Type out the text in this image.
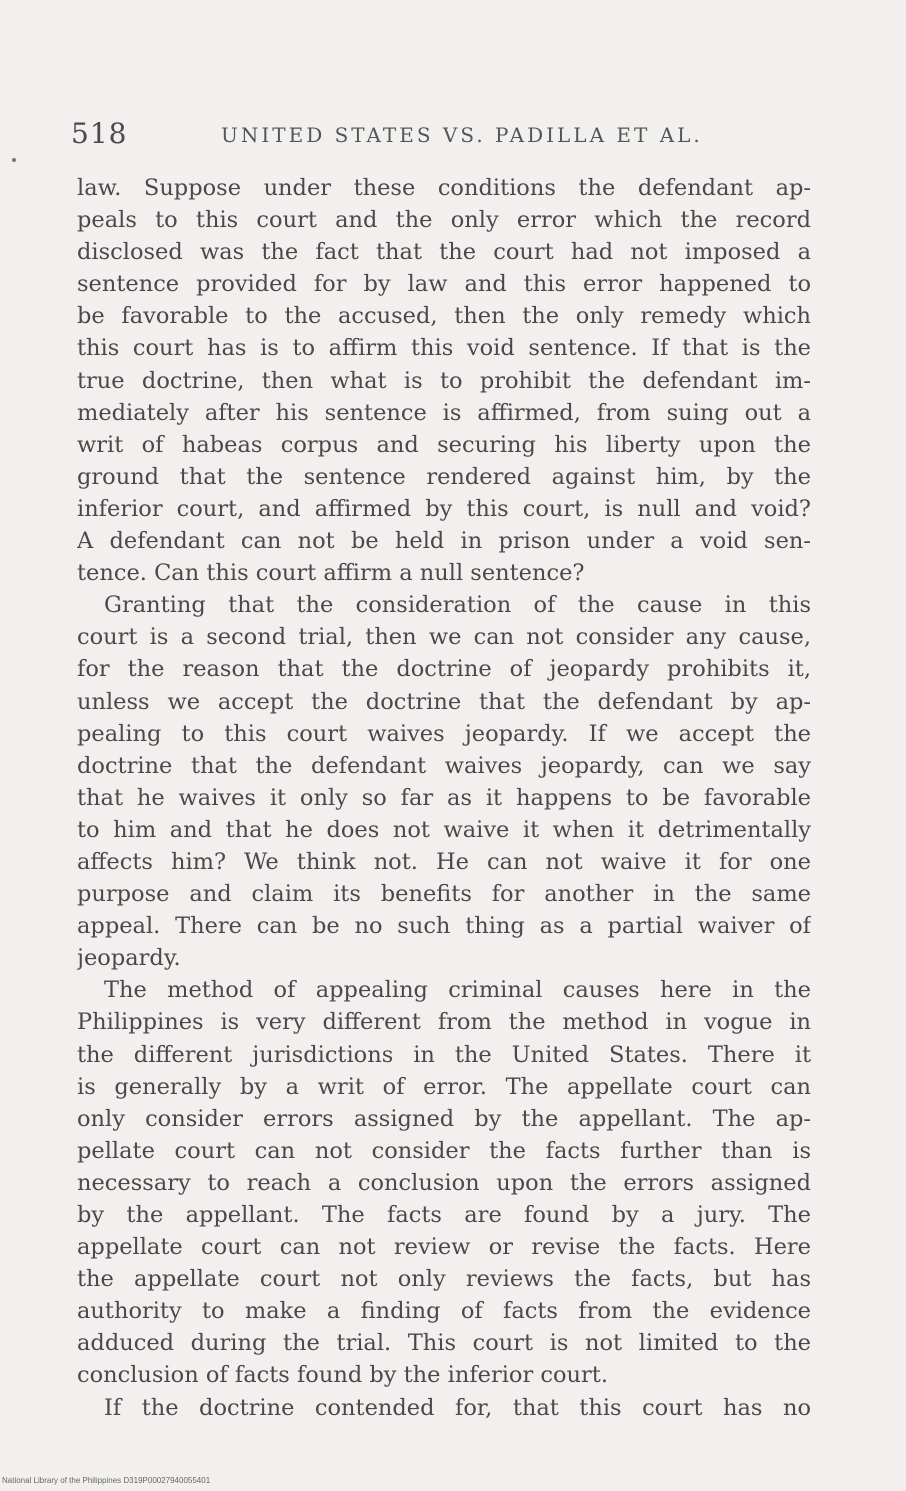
518	UNITED STATES VS. PADILLA ET AL.
law. Suppose under these conditions the defendant ap-
peals to this court and the only error which the record
disclosed was the fact that the court had not imposed a
sentence provided for by law and this error happened to
be favorable to the accused, then the only remedy which
this court has is to affirm this void sentence. If that is the
true doctrine, then what is to prohibit the defendant im-
mediately after his sentence is affirmed, from suing out a
writ of habeas corpus and securing his liberty upon the
ground that the sentence rendered against him, by the
inferior court, and affirmed by this court, is null and void?
A defendant can not be held in prison under a void sen-
tence. Can this court affirm a null sentence?
Granting that the consideration of the cause in this
court is a second trial, then we can not consider any cause,
for the reason that the doctrine of jeopardy prohibits it,
unless we accept the doctrine that the defendant by ap-
pealing to this court waives jeopardy. If we accept the
doctrine that the defendant waives jeopardy, can we say
that he waives it only so far as it happens to be favorable
to him and that he does not waive it when it detrimentally
affects him? We think not. He can not waive it for one
purpose and claim its benefits for another in the same
appeal. There can be no such thing as a partial waiver of
jeopardy.
The method of appealing criminal causes here in the
Philippines is very different from the method in vogue in
the different jurisdictions in the United States. There it
is generally by a writ of error. The appellate court can
only consider errors assigned by the appellant. The ap-
pellate court can not consider the facts further than is
necessary to reach a conclusion upon the errors assigned
by the appellant. The facts are found by a jury. The
appellate court can not review or revise the facts. Here
the appellate court not only reviews the facts, but has
authority to make a finding of facts from the evidence
adduced during the trial. This court is not limited to the
conclusion of facts found by the inferior court.
If the doctrine contended for, that this court has no
National Library of the Philippines D319P00027940055401
